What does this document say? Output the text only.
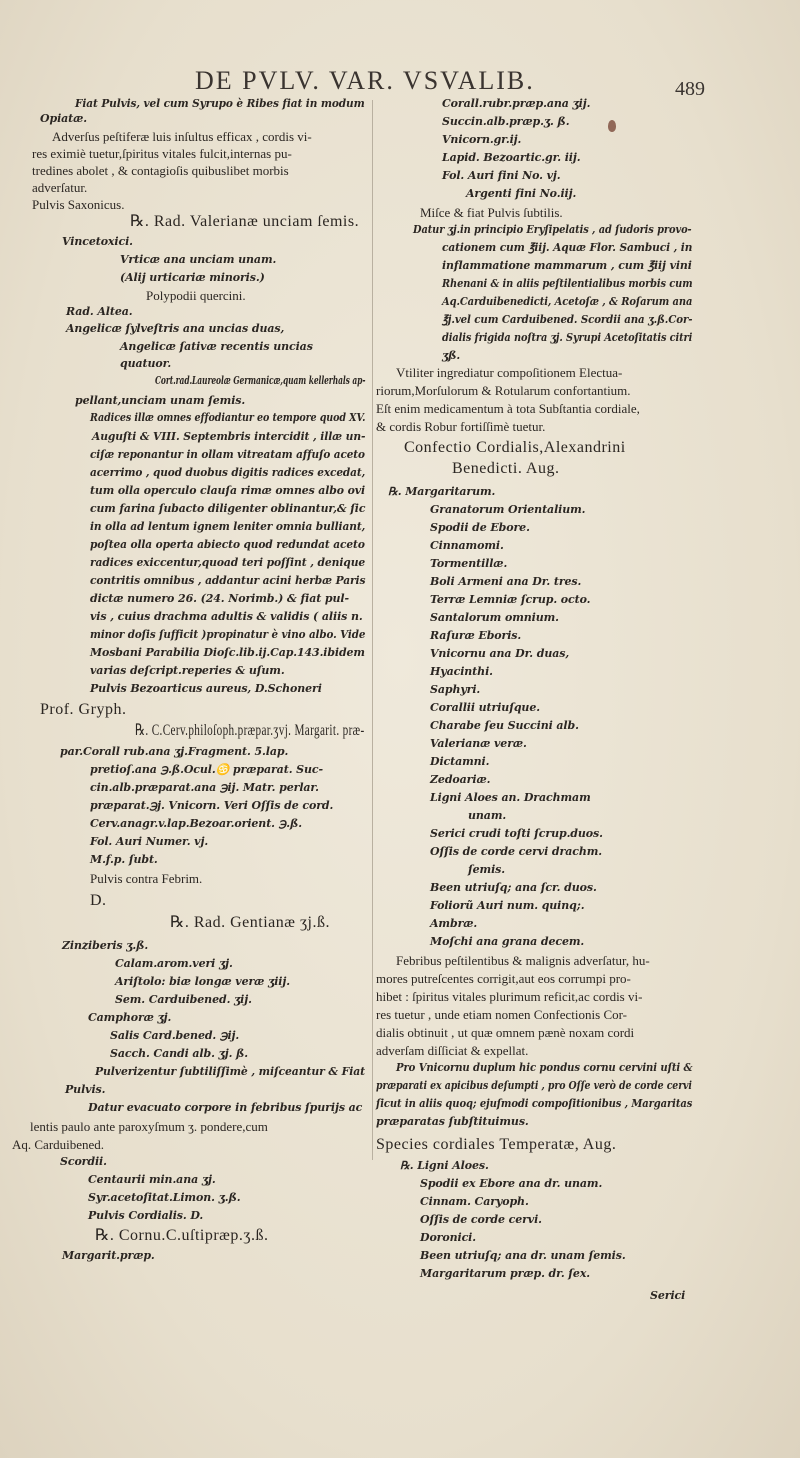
DE PVLV. VAR. VSVALIB.	489
Fiat Pulvis, vel cum Syrupo è Ribes fiat in modum
Opiatæ.
Adverſus peſtiferæ luis inſultus efficax , cordis vi-
res eximiè tuetur,ſpiritus vitales fulcit,internas pu-
tredines abolet , & contagioſis quibuslibet morbis
adverſatur.
Pulvis Saxonicus.
℞. Rad. Valerianæ unciam ſemis.
Vincetoxici.
Vrticæ ana unciam unam.
(Alij urticariæ minoris.)
Polypodii quercini.
Rad. Altea.
Angelicæ ſylveſtris ana uncias duas,
Angelicæ ſativæ recentis uncias
quatuor.
Cort.rad.Laureolæ Germanicæ,quam kellerhals ap-
pellant,unciam unam ſemis.
Radices illæ omnes effodiantur eo tempore quod XV.
Auguſti & VIII. Septembris intercidit , illæ un-
ciſæ reponantur in ollam vitreatam affuſo aceto
acerrimo , quod duobus digitis radices excedat,
tum olla operculo clauſa rimæ omnes albo ovi
cum farina ſubacto diligenter oblinantur,& ſic
in olla ad lentum ignem leniter omnia bulliant,
poſtea olla operta abiecto quod redundat aceto
radices exiccentur,quoad teri poſſint , denique
contritis omnibus , addantur acini herbæ Paris
dictæ numero 26. (24. Norimb.) & fiat pul-
vis , cuius drachma adultis & validis ( aliis n.
minor doſis ſufficit )propinatur è vino albo. Vide
Mosbani Parabilia Dioſc.lib.ij.Cap.143.ibidem
varias deſcript.reperies & uſum.
Pulvis Bezoarticus aureus, D.Schoneri
Prof. Gryph.
℞. C.Cerv.philoſoph.præpar.ʒvj. Margarit. præ-
par.Corall rub.ana ʒj.Fragment. 5.lap.
pretioſ.ana ℈.ß.Ocul.♋ præparat. Suc-
cin.alb.præparat.ana ℈ij. Matr. perlar.
præparat.℈j. Vnicorn. Veri Oſſis de cord.
Cerv.anagr.v.lap.Bezoar.orient. ℈.ß.
Fol. Auri Numer. vj.
M.f.p. ſubt.
Pulvis contra Febrim.
D.
℞. Rad. Gentianæ ʒj.ß.
Zinziberis ʒ.ß.
Calam.arom.veri ʒj.
Ariſtolo: biæ longæ veræ ʒiij.
Sem. Carduibened. ʒij.
Camphoræ ʒj.
Salis Card.bened. ℈ij.
Sacch. Candi alb. ʒj. ß.
Pulverizentur ſubtiliſſimè , miſceantur & Fiat
Pulvis.
Datur evacuato corpore in febribus ſpurijs ac
lentis paulo ante paroxyſmum ʒ. pondere,cum
Aq. Carduibened.
Scordii.
Centaurii min.ana ʒj.
Syr.acetoſitat.Limon. ʒ.ß.
Pulvis Cordialis. D.
℞. Cornu.C.uſtipræp.ʒ.ß.
Margarit.præp.
Corall.rubr.præp.ana ʒij.
Succin.alb.præp.ʒ. ß.
Vnicorn.gr.ij.
Lapid. Bezoartic.gr. iij.
Fol. Auri fini No. vj.
Argenti fini No.iij.
Miſce & fiat Pulvis ſubtilis.
Datur ʒj.in principio Eryſipelatis , ad ſudoris provo-
cationem cum ℥iij. Aquæ Flor. Sambuci , in
inflammatione mammarum , cum ℥iij vini
Rhenani & in aliis peſtilentialibus morbis cum
Aq.Carduibenedicti, Acetoſæ , & Roſarum ana
℥j.vel cum Carduibened. Scordii ana ʒ.ß.Cor-
dialis frigida noſtra ʒj. Syrupi Acetoſitatis citri
ʒß.
Vtiliter ingrediatur compoſitionem Electua-
riorum,Morſulorum & Rotularum confortantium.
Eſt enim medicamentum à tota Subſtantia cordiale,
& cordis Robur fortiſſimè tuetur.
Confectio Cordialis,Alexandrini
Benedicti. Aug.
℞. Margaritarum.
Granatorum Orientalium.
Spodii de Ebore.
Cinnamomi.
Tormentillæ.
Boli Armeni ana Dr. tres.
Terræ Lemniæ ſcrup. octo.
Santalorum omnium.
Raſuræ Eboris.
Vnicornu ana Dr. duas,
Hyacinthi.
Saphyri.
Corallii utriuſque.
Charabe ſeu Succini alb.
Valerianæ veræ.
Dictamni.
Zedoariæ.
Ligni Aloes an. Drachmam
unam.
Serici crudi toſti ſcrup.duos.
Oſſis de corde cervi drachm.
ſemis.
Been utriuſq; ana ſcr. duos.
Foliorũ Auri num. quinq;.
Ambræ.
Moſchi ana grana decem.
Febribus peſtilentibus & malignis adverſatur, hu-
mores putreſcentes corrigit,aut eos corrumpi pro-
hibet : ſpiritus vitales plurimum reficit,ac cordis vi-
res tuetur , unde etiam nomen Confectionis Cor-
dialis obtinuit , ut quæ omnem pænè noxam cordi
adverſam diſſiciat & expellat.
Pro Vnicornu duplum hic pondus cornu cervini uſti &
præparati ex apicibus deſumpti , pro Oſſe verò de corde cervi
ſicut in aliis quoq; ejuſmodi compoſitionibus , Margaritas
præparatas ſubſtituimus.
Species cordiales Temperatæ, Aug.
℞. Ligni Aloes.
Spodii ex Ebore ana dr. unam.
Cinnam. Caryoph.
Oſſis de corde cervi.
Doronici.
Been utriuſq; ana dr. unam ſemis.
Margaritarum præp. dr. ſex.
Serici
